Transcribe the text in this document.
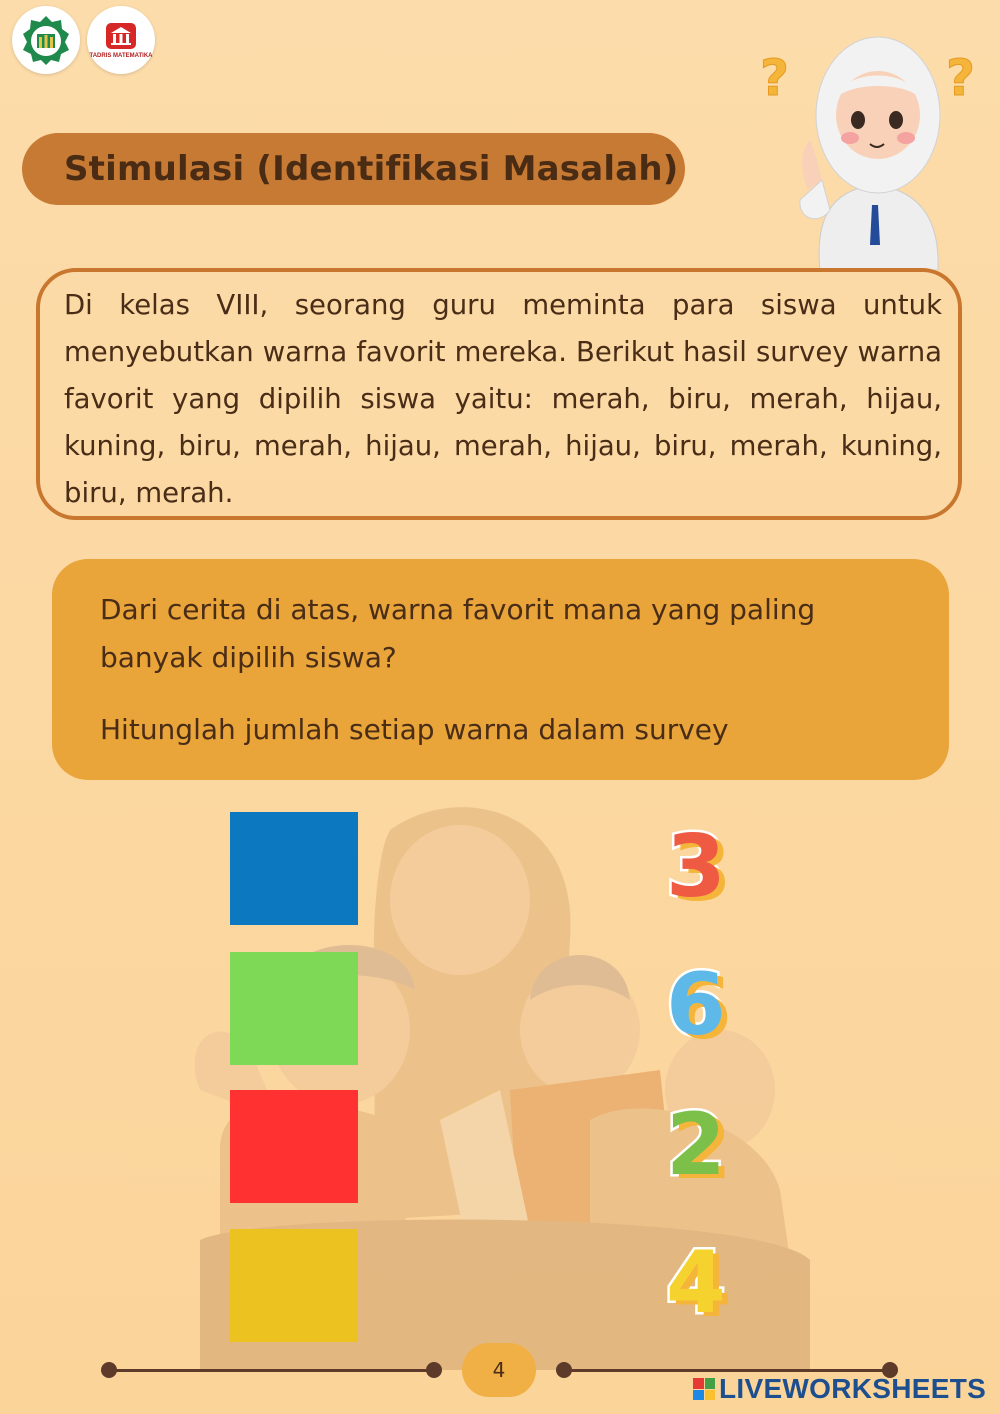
TADRIS MATEMATIKA	?	?
Stimulasi (Identifikasi Masalah)

Di kelas VIII, seorang guru meminta para siswa untuk menyebutkan warna favorit mereka. Berikut hasil survey warna favorit yang dipilih siswa yaitu: merah, biru, merah, hijau, kuning, biru, merah, hijau, merah, hijau, biru, merah, kuning, biru, merah.

Dari cerita di atas, warna favorit mana yang paling banyak dipilih siswa?

Hitunglah jumlah setiap warna dalam survey

3
6
2
4
4
LIVEWORKSHEETS
